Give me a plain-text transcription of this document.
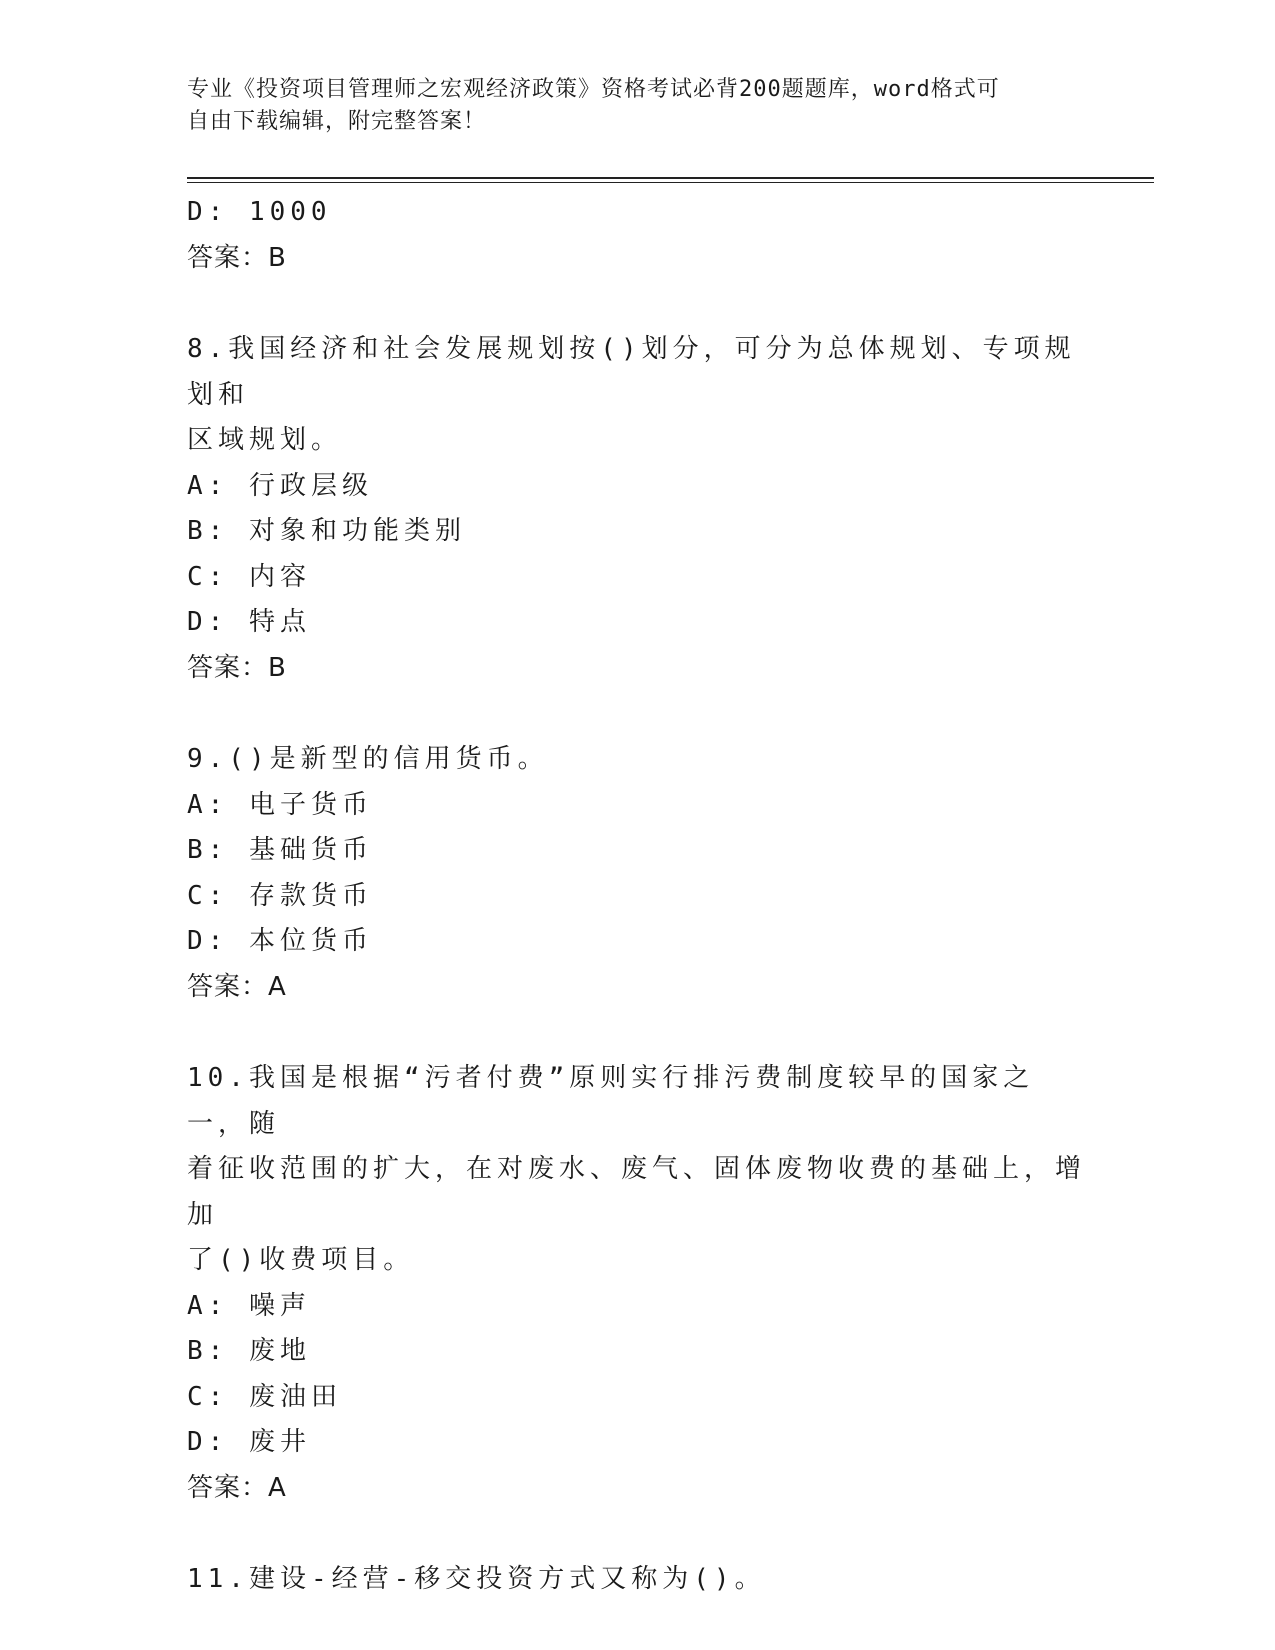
专业《投资项目管理师之宏观经济政策》资格考试必背200题题库，word格式可
自由下载编辑，附完整答案！
D: 1000
答案：B
8.我国经济和社会发展规划按()划分，可分为总体规划、专项规划和
区域规划。
A: 行政层级
B: 对象和功能类别
C: 内容
D: 特点
答案：B
9.()是新型的信用货币。
A: 电子货币
B: 基础货币
C: 存款货币
D: 本位货币
答案：A
10.我国是根据“污者付费”原则实行排污费制度较早的国家之一，随
着征收范围的扩大，在对废水、废气、固体废物收费的基础上，增加
了()收费项目。
A: 噪声
B: 废地
C: 废油田
D: 废井
答案：A
11.建设-经营-移交投资方式又称为()。
